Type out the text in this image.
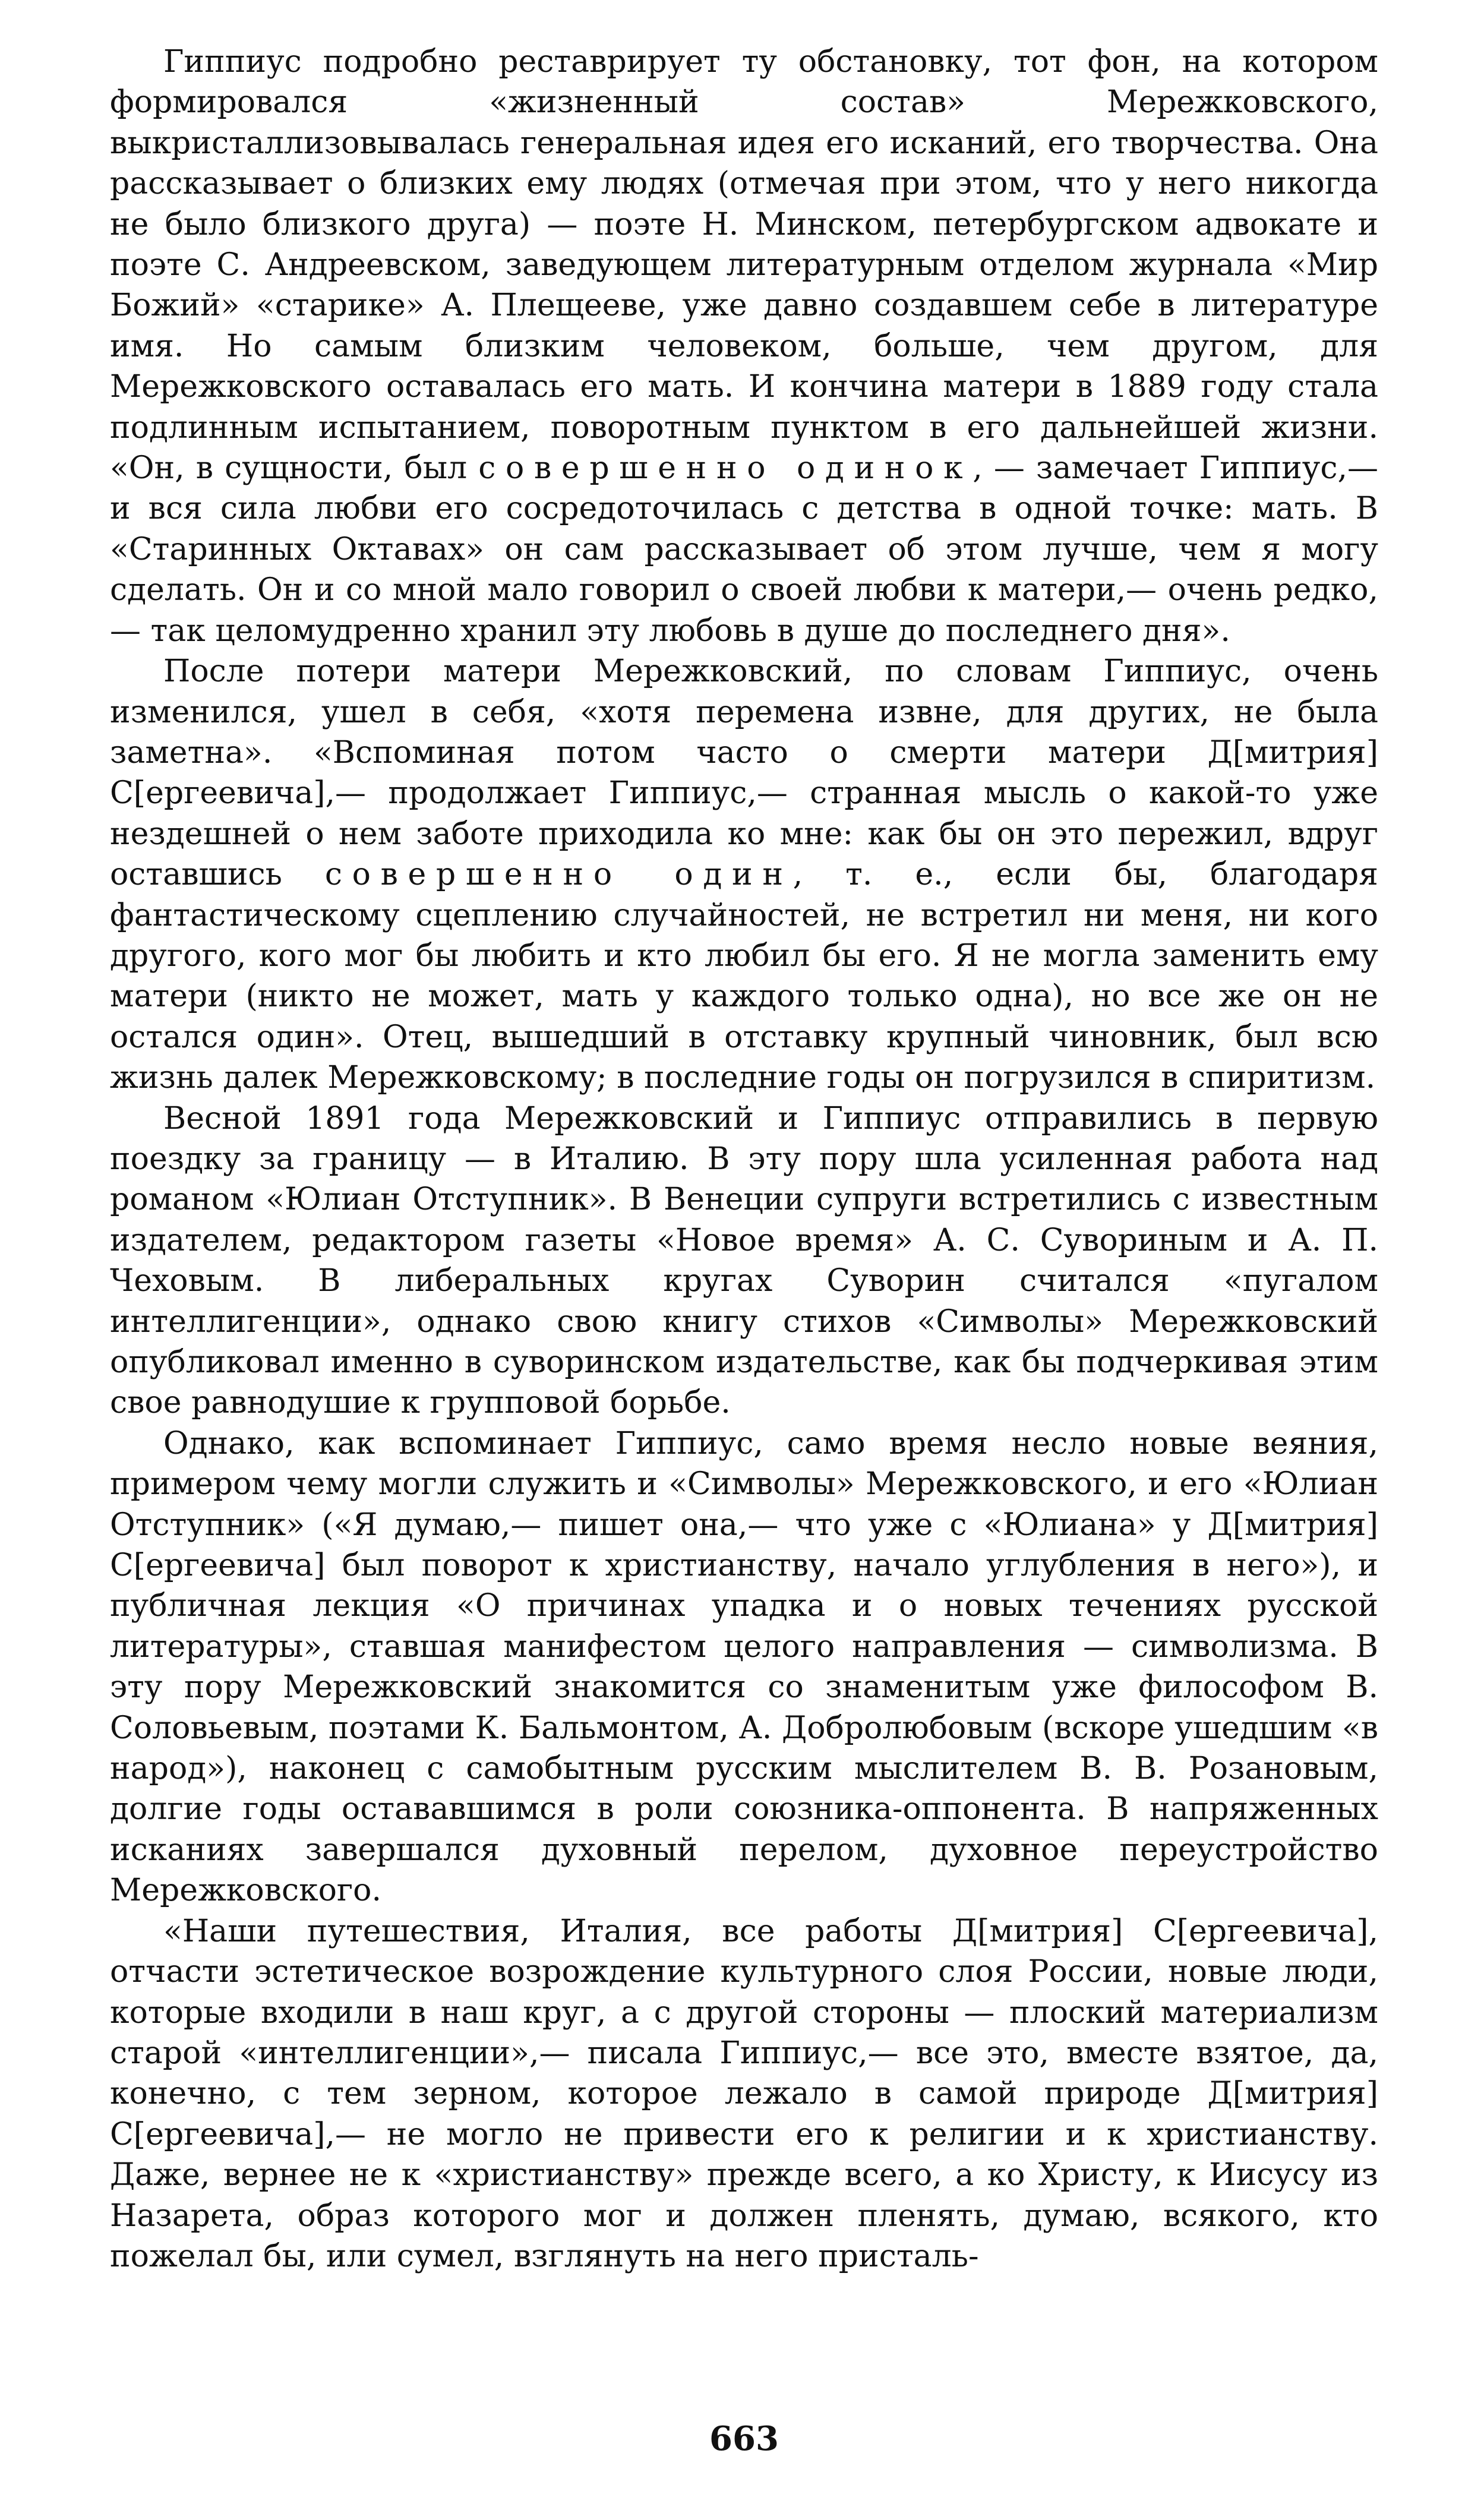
Гиппиус подробно реставрирует ту обстановку, тот фон, на котором формировался «жизненный состав» Мережковского, выкристаллизовывалась генеральная идея его исканий, его творчества. Она рассказывает о близких ему людях (отмечая при этом, что у него никогда не было близкого друга) — поэте Н. Минском, петербургском адвокате и поэте С. Андреевском, заведующем литературным отделом журнала «Мир Божий» «старике» А. Плещееве, уже давно создавшем себе в литературе имя. Но самым близким человеком, больше, чем другом, для Мережковского оставалась его мать. И кончина матери в 1889 году стала подлинным испытанием, поворотным пунктом в его дальнейшей жизни. «Он, в сущности, был совершенно одинок, — замечает Гиппиус,— и вся сила любви его сосредоточилась с детства в одной точке: мать. В «Старинных Октавах» он сам рассказывает об этом лучше, чем я могу сделать. Он и со мной мало говорил о своей любви к матери,— очень редко,— так целомудренно хранил эту любовь в душе до последнего дня».

После потери матери Мережковский, по словам Гиппиус, очень изменился, ушел в себя, «хотя перемена извне, для других, не была заметна». «Вспоминая потом часто о смерти матери Д[митрия] С[ергеевича],— продолжает Гиппиус,— странная мысль о какой-то уже нездешней о нем заботе приходила ко мне: как бы он это пережил, вдруг оставшись совершенно один, т. е., если бы, благодаря фантастическому сцеплению случайностей, не встретил ни меня, ни кого другого, кого мог бы любить и кто любил бы его. Я не могла заменить ему матери (никто не может, мать у каждого только одна), но все же он не остался один». Отец, вышедший в отставку крупный чиновник, был всю жизнь далек Мережковскому; в последние годы он погрузился в спиритизм.

Весной 1891 года Мережковский и Гиппиус отправились в первую поездку за границу — в Италию. В эту пору шла усиленная работа над романом «Юлиан Отступник». В Венеции супруги встретились с известным издателем, редактором газеты «Новое время» А. С. Сувориным и А. П. Чеховым. В либеральных кругах Суворин считался «пугалом интеллигенции», однако свою книгу стихов «Символы» Мережковский опубликовал именно в суворинском издательстве, как бы подчеркивая этим свое равнодушие к групповой борьбе.

Однако, как вспоминает Гиппиус, само время несло новые веяния, примером чему могли служить и «Символы» Мережковского, и его «Юлиан Отступник» («Я думаю,— пишет она,— что уже с «Юлиана» у Д[митрия] С[ергеевича] был поворот к христианству, начало углубления в него»), и публичная лекция «О причинах упадка и о новых течениях русской литературы», ставшая манифестом целого направления — символизма. В эту пору Мережковский знакомится со знаменитым уже философом В. Соловьевым, поэтами К. Бальмонтом, А. Добролюбовым (вскоре ушедшим «в народ»), наконец с самобытным русским мыслителем В. В. Розановым, долгие годы остававшимся в роли союзника-оппонента. В напряженных исканиях завершался духовный перелом, духовное переустройство Мережковского.

«Наши путешествия, Италия, все работы Д[митрия] С[ергеевича], отчасти эстетическое возрождение культурного слоя России, новые люди, которые входили в наш круг, а с другой стороны — плоский материализм старой «интеллигенции»,— писала Гиппиус,— все это, вместе взятое, да, конечно, с тем зерном, которое лежало в самой природе Д[митрия] С[ергеевича],— не могло не привести его к религии и к христианству. Даже, вернее не к «христианству» прежде всего, а ко Христу, к Иисусу из Назарета, образ которого мог и должен пленять, думаю, всякого, кто пожелал бы, или сумел, взглянуть на него присталь-

663
